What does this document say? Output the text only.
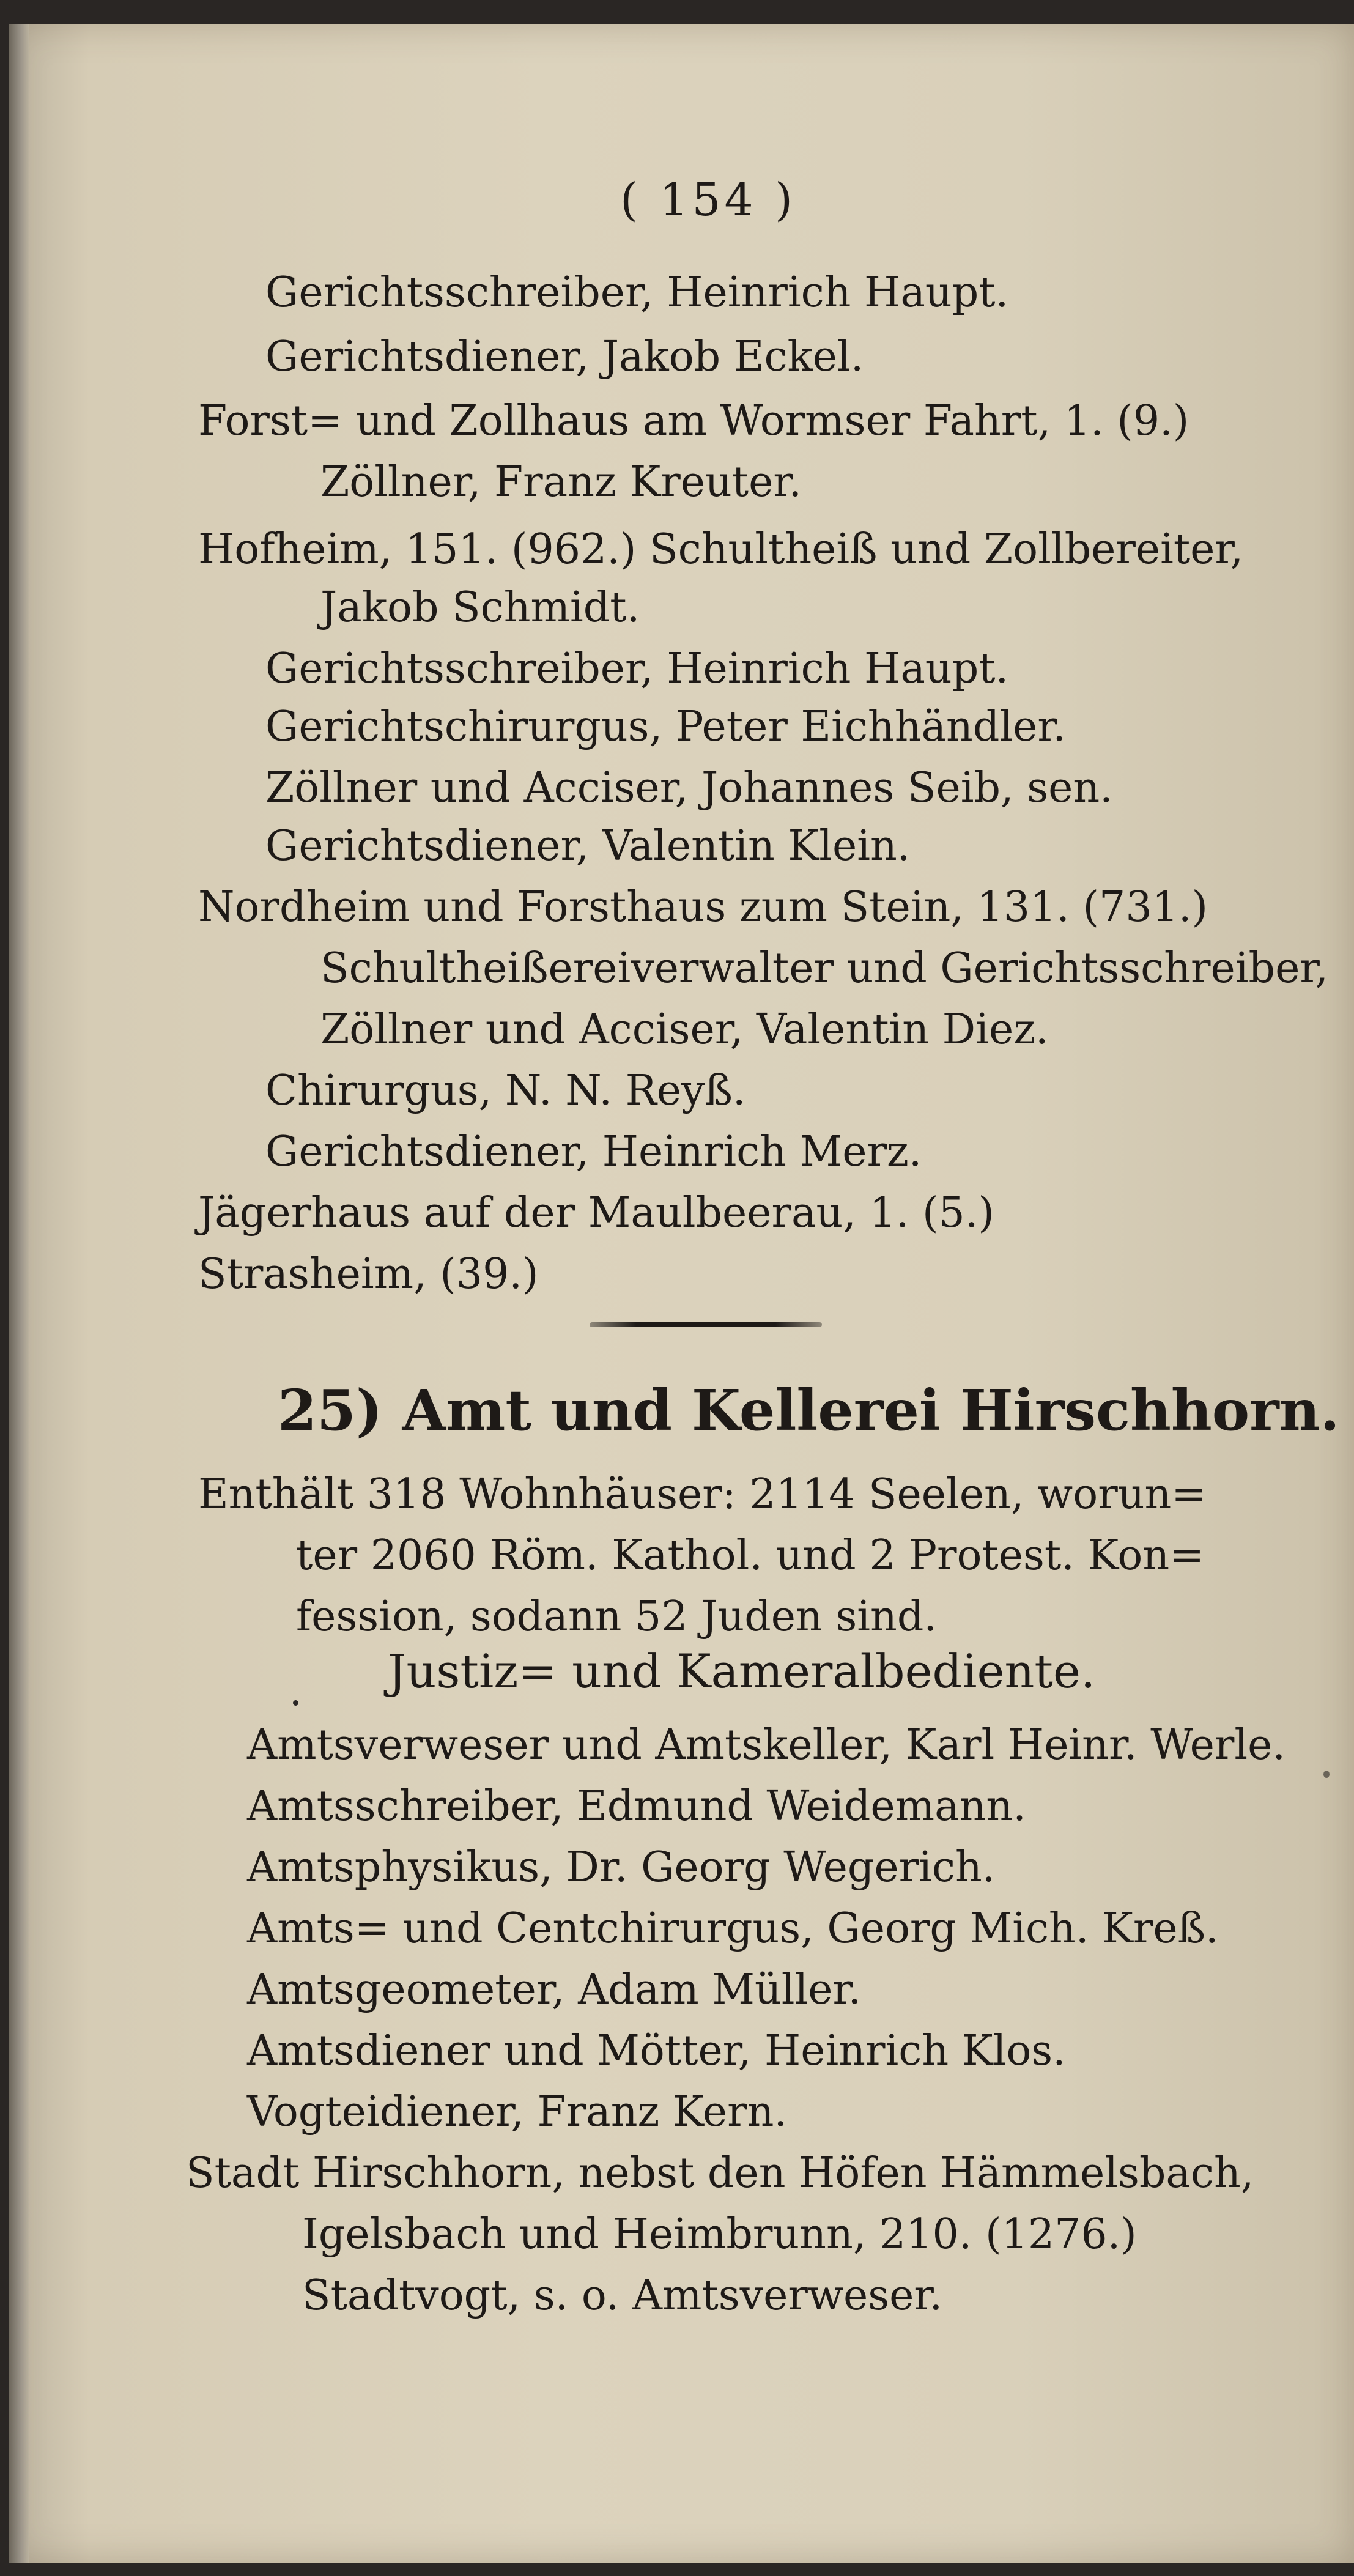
( 154 )
Gerichtsschreiber, Heinrich Haupt.
Gerichtsdiener, Jakob Eckel.
Forst= und Zollhaus am Wormser Fahrt, 1. (9.)
Zöllner, Franz Kreuter.
Hofheim, 151. (962.) Schultheiß und Zollbereiter,
Jakob Schmidt.
Gerichtsschreiber, Heinrich Haupt.
Gerichtschirurgus, Peter Eichhändler.
Zöllner und Acciser, Johannes Seib, sen.
Gerichtsdiener, Valentin Klein.
Nordheim und Forsthaus zum Stein, 131. (731.)
Schultheißereiverwalter und Gerichtsschreiber,
Zöllner und Acciser, Valentin Diez.
Chirurgus, N. N. Reyß.
Gerichtsdiener, Heinrich Merz.
Jägerhaus auf der Maulbeerau, 1. (5.)
Strasheim, (39.)
25) Amt und Kellerei Hirschhorn.
Enthält 318 Wohnhäuser: 2114 Seelen, worun=
ter 2060 Röm. Kathol. und 2 Protest. Kon=
fession, sodann 52 Juden sind.
Justiz= und Kameralbediente.
Amtsverweser und Amtskeller, Karl Heinr. Werle.
Amtsschreiber, Edmund Weidemann.
Amtsphysikus, Dr. Georg Wegerich.
Amts= und Centchirurgus, Georg Mich. Kreß.
Amtsgeometer, Adam Müller.
Amtsdiener und Mötter, Heinrich Klos.
Vogteidiener, Franz Kern.
Stadt Hirschhorn, nebst den Höfen Hämmelsbach,
Igelsbach und Heimbrunn, 210. (1276.)
Stadtvogt, s. o. Amtsverweser.
